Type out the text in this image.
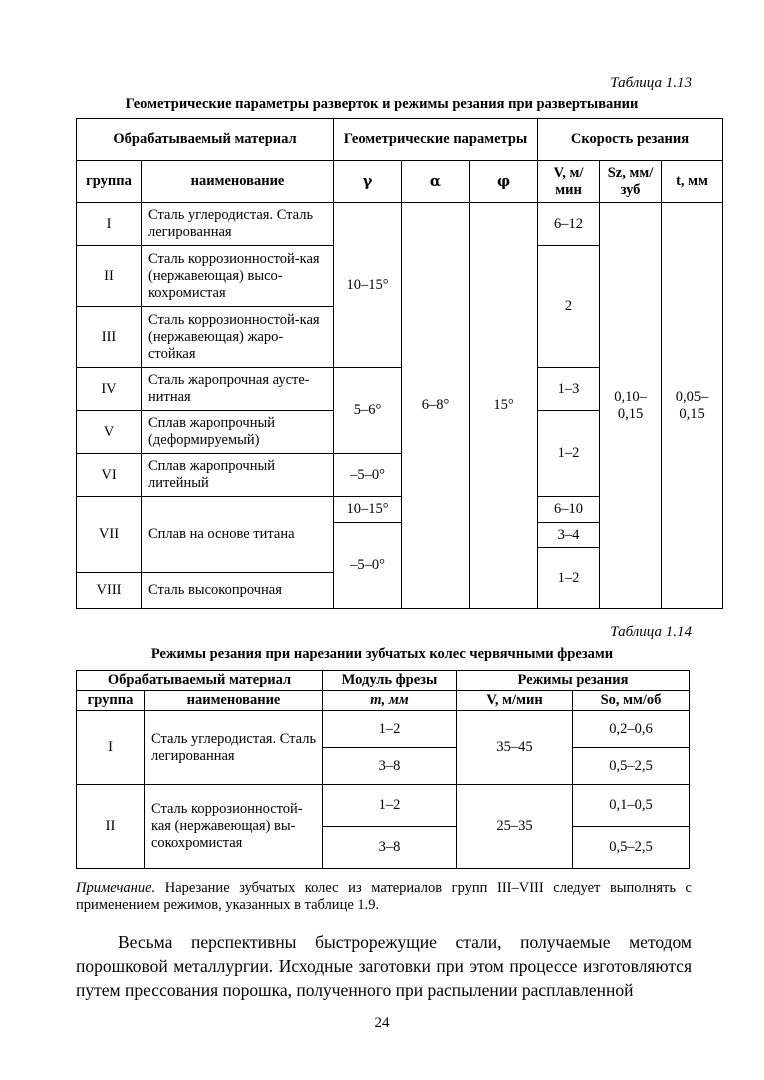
Таблица 1.13
Геометрические параметры разверток и режимы резания при развертывании
Обрабатываемый материал		Геометрические параметры			Скорость резания		
группа	наименование	γ	α	φ	V, м/мин	Sz, мм/зуб	t, мм
I	Сталь углеродистая. Сталь легированная	10–15°	6–8°	15°	6–12	0,10–0,15	0,05–0,15
II	Сталь коррозионностой-кая (нержавеющая) высо-кохромистая				2		
III	Сталь коррозионностой-кая (нержавеющая) жаро-стойкая						
IV	Сталь жаропрочная аусте-нитная	5–6°			1–3		
V	Сплав жаропрочный (деформируемый)				1–2		
VI	Сплав жаропрочный литейный	–5–0°					
VII	Сплав на основе титана	10–15°			6–10		
		–5–0°			3–4		
					1–2		
VIII	Сталь высокопрочная						
Таблица 1.14
Режимы резания при нарезании зубчатых колес червячными фрезами
Обрабатываемый материал		Модуль фрезы	Режимы резания	
группа	наименование	m, мм	V, м/мин	Sо, мм/об
I	Сталь углеродистая. Сталь легированная	1–2	35–45	0,2–0,6
		3–8		0,5–2,5
II	Сталь коррозионностой-кая (нержавеющая) вы-сокохромистая	1–2	25–35	0,1–0,5
		3–8		0,5–2,5
Примечание. Нарезание зубчатых колес из материалов групп III–VIII следует выполнять с применением режимов, указанных в таблице 1.9.
Весьма перспективны быстрорежущие стали, получаемые методом порошковой металлургии. Исходные заготовки при этом процессе изготовляются путем прессования порошка, полученного при распылении расплавленной
24
